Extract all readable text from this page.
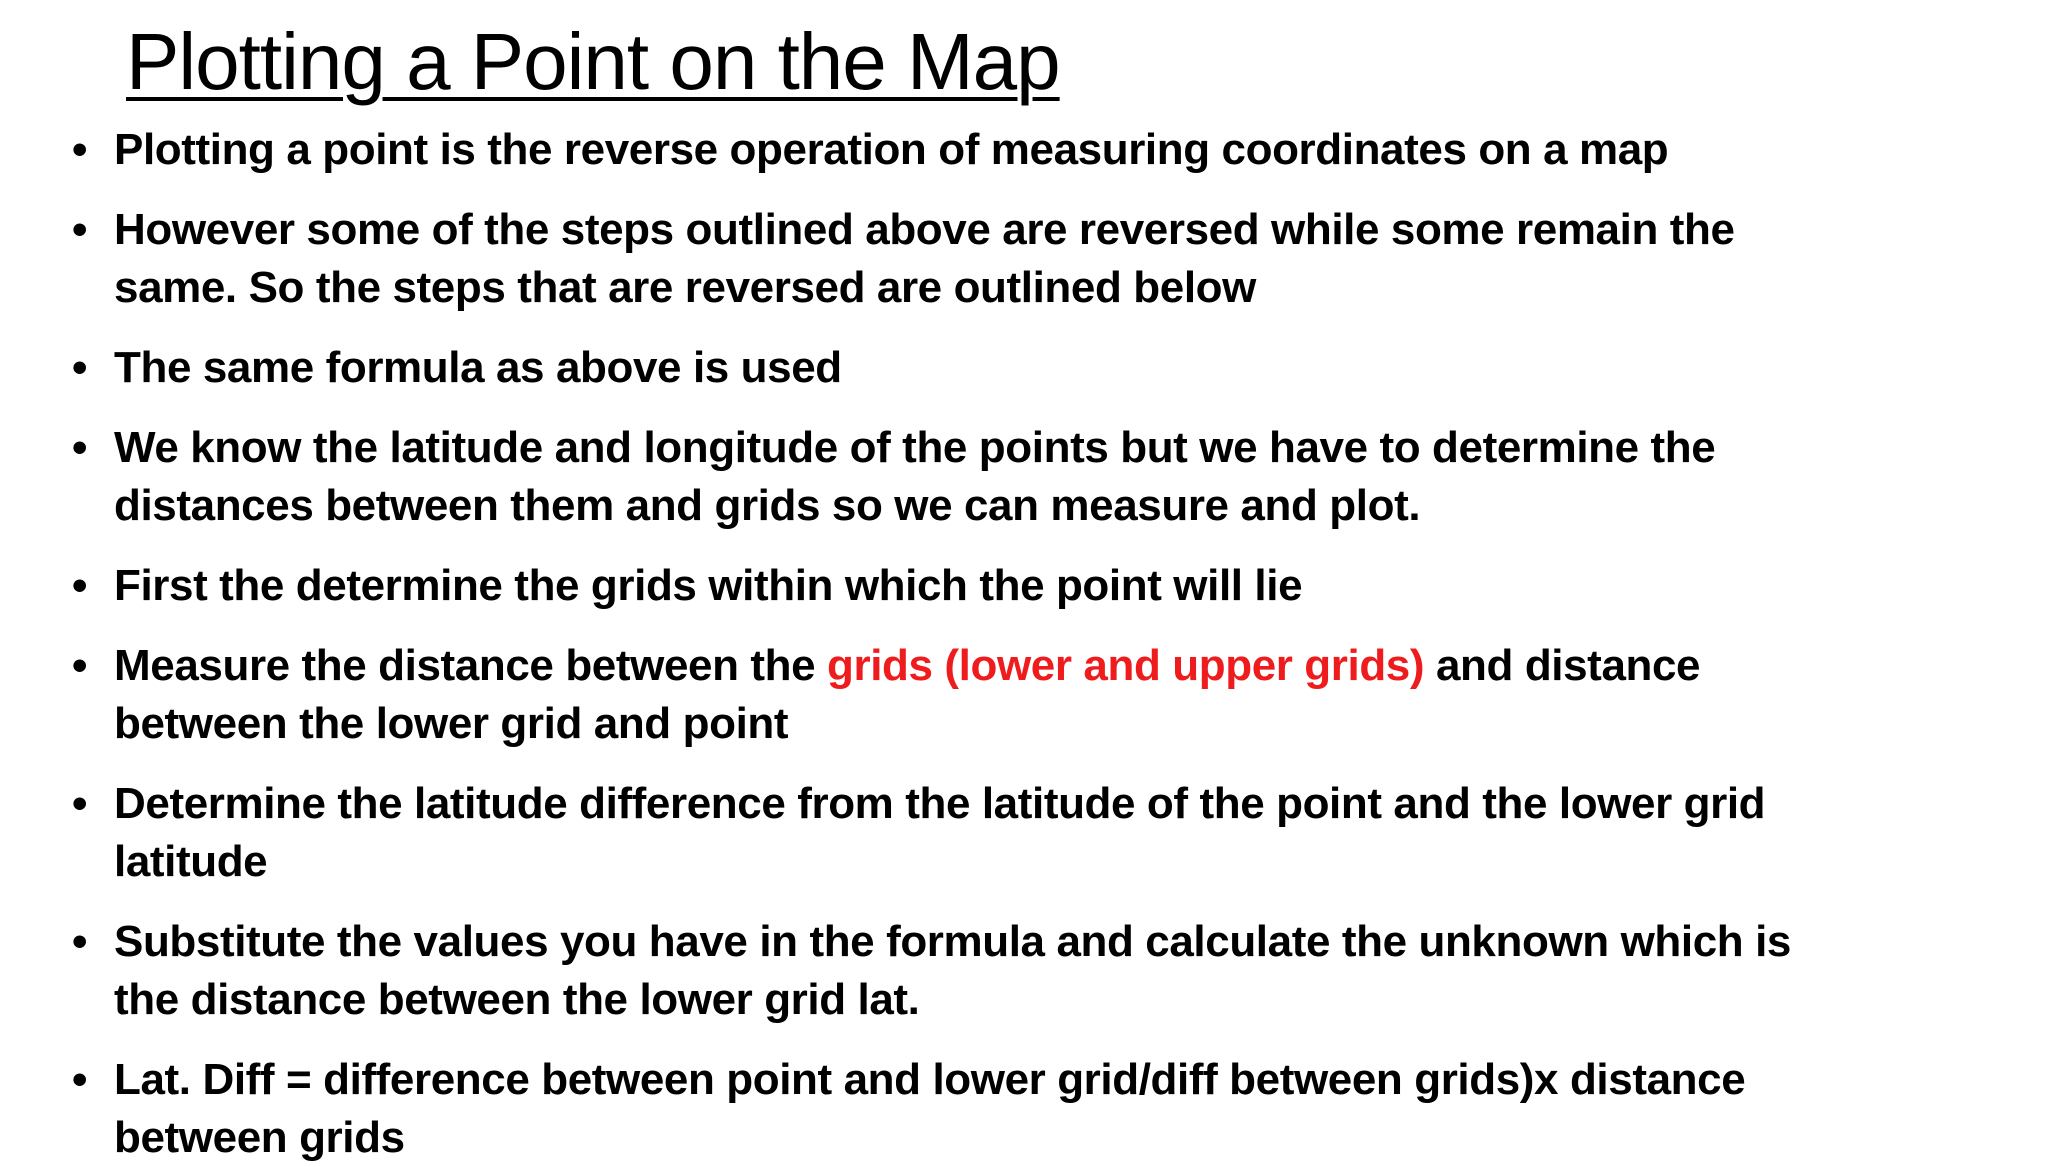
Plotting a Point on the Map
• Plotting a point is the reverse operation of measuring coordinates on a map
• However some of the steps outlined above are reversed while some remain the
same. So the steps that are reversed are outlined below
• The same formula as above is used
• We know the latitude and longitude of the points but we have to determine the
distances between them and grids so we can measure and plot.
• First the determine the grids within which the point will lie
• Measure the distance between the grids (lower and upper grids) and distance
between the lower grid and point
• Determine the latitude difference from the latitude of the point and the lower grid
latitude
• Substitute the values you have in the formula and calculate the unknown which is
the distance between the lower grid lat.
• Lat. Diff = difference between point and lower grid/diff between grids)x distance
between grids
